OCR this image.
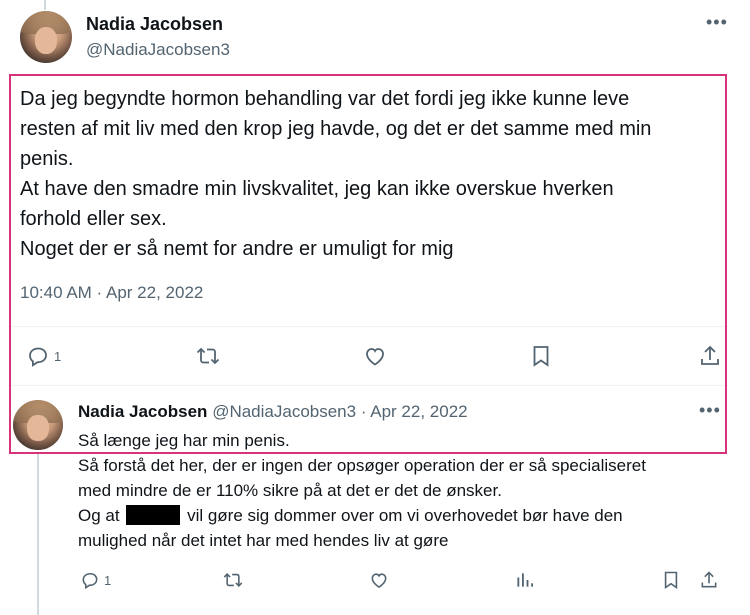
Nadia Jacobsen
@NadiaJacobsen3
•••
Da jeg begyndte hormon behandling var det fordi jeg ikke kunne leve
resten af mit liv med den krop jeg havde, og det er det samme med min
penis.
At have den smadre min livskvalitet, jeg kan ikke overskue hverken
forhold eller sex.
Noget der er så nemt for andre er umuligt for mig
10:40 AM · Apr 22, 2022
1
Nadia Jacobsen @NadiaJacobsen3 · Apr 22, 2022	•••
Så længe jeg har min penis.
Så forstå det her, der er ingen der opsøger operation der er så specialiseret
med mindre de er 110% sikre på at det er det de ønsker.
Og at	vil gøre sig dommer over om vi overhovedet bør have den
mulighed når det intet har med hendes liv at gøre
1
